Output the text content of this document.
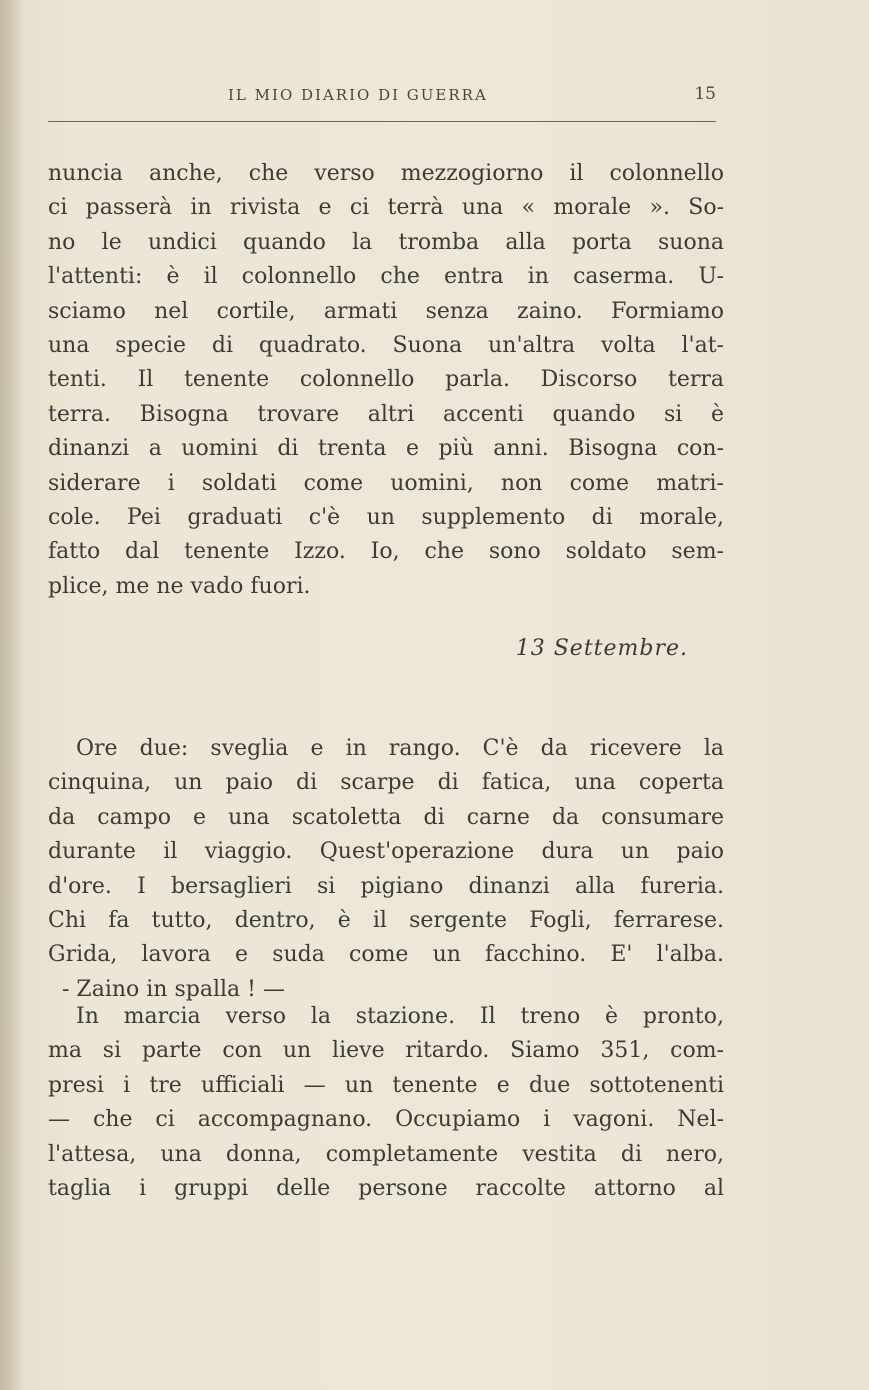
IL MIO DIARIO DI GUERRA	15
nuncia anche, che verso mezzogiorno il colonnello
ci passerà in rivista e ci terrà una « morale ». So-
no le undici quando la tromba alla porta suona
l'attenti: è il colonnello che entra in caserma. U-
sciamo nel cortile, armati senza zaino. Formiamo
una specie di quadrato. Suona un'altra volta l'at-
tenti. Il tenente colonnello parla. Discorso terra
terra. Bisogna trovare altri accenti quando si è
dinanzi a uomini di trenta e più anni. Bisogna con-
siderare i soldati come uomini, non come matri-
cole. Pei graduati c'è un supplemento di morale,
fatto dal tenente Izzo. Io, che sono soldato sem-
plice, me ne vado fuori.
13 Settembre.
Ore due: sveglia e in rango. C'è da ricevere la
cinquina, un paio di scarpe di fatica, una coperta
da campo e una scatoletta di carne da consumare
durante il viaggio. Quest'operazione dura un paio
d'ore. I bersaglieri si pigiano dinanzi alla fureria.
Chi fa tutto, dentro, è il sergente Fogli, ferrarese.
Grida, lavora e suda come un facchino. E' l'alba.
- Zaino in spalla ! —
In marcia verso la stazione. Il treno è pronto,
ma si parte con un lieve ritardo. Siamo 351, com-
presi i tre ufficiali — un tenente e due sottotenenti
— che ci accompagnano. Occupiamo i vagoni. Nel-
l'attesa, una donna, completamente vestita di nero,
taglia i gruppi delle persone raccolte attorno al
